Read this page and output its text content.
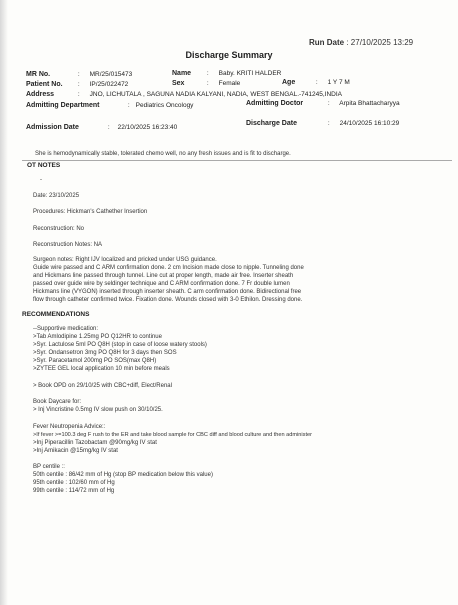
Run Date : 27/10/2025 13:29
Discharge Summary
MR No.	: MR/25/015473
Patient No. : IP/25/022472
Address	: JNO, LICHUTALA , SAGUNA NADIA KALYANI, NADIA, WEST BENGAL.-741245,INDIA
Name : Baby. KRITI HALDER
Sex	: Female	Age	: 1 Y 7 M
Admitting Department	: Pediatrics Oncology	Admitting Doctor	: Arpita Bhattacharyya
Admission Date	: 22/10/2025 16:23:40
Discharge Date	: 24/10/2025 16:10:29
She is hemodynamically stable, tolerated chemo well, no any fresh issues and is fit to discharge.
OT NOTES
-
Date: 23/10/2025
Procedures: Hickman's Cathether Insertion
Reconstruction: No
Reconstruction Notes: NA
Surgeon notes: Right IJV localized and pricked under USG guidance.
Guide wire passed and C ARM confirmation done. 2 cm Incision made close to nipple. Tunneling done
and Hickmans line passed through tunnel. Line cut at proper length, made air free. Inserter sheath
passed over guide wire by seldinger technique and C ARM confirmation done. 7 Fr double lumen
Hickmans line (VYGON) inserted through inserter sheath. C arm confirmation done. Bidirectional free
flow through catheter confirmed twice. Fixation done. Wounds closed with 3-0 Ethilon. Dressing done.
RECOMMENDATIONS
--Supportive medication:
>Tab Amlodipine 1.25mg PO Q12HR to continue
>Syr. Lactulose 5ml PO Q8H (stop in case of loose watery stools)
>Syr. Ondansetron 3mg PO Q8H for 3 days then SOS
>Syr. Paracetamol 200mg PO SOS(max Q8H)
>ZYTEE GEL local application 10 min before meals
> Book OPD on 29/10/25 with CBC+diff, Elect/Renal
Book Daycare for:
> Inj Vincristine 0.5mg IV slow push on 30/10/25.
Fever Neutropenia Advice::
>If fever >=100.3 deg F rush to the ER and take blood sample for CBC diff and blood culture and then administer
>Inj Piperacillin Tazobactam @90mg/kg IV stat
>Inj Amikacin @15mg/kg IV stat
BP centile ::
50th centile : 86/42 mm of Hg (stop BP medication below this value)
95th centile : 102/60 mm of Hg
99th centile : 114/72 mm of Hg
